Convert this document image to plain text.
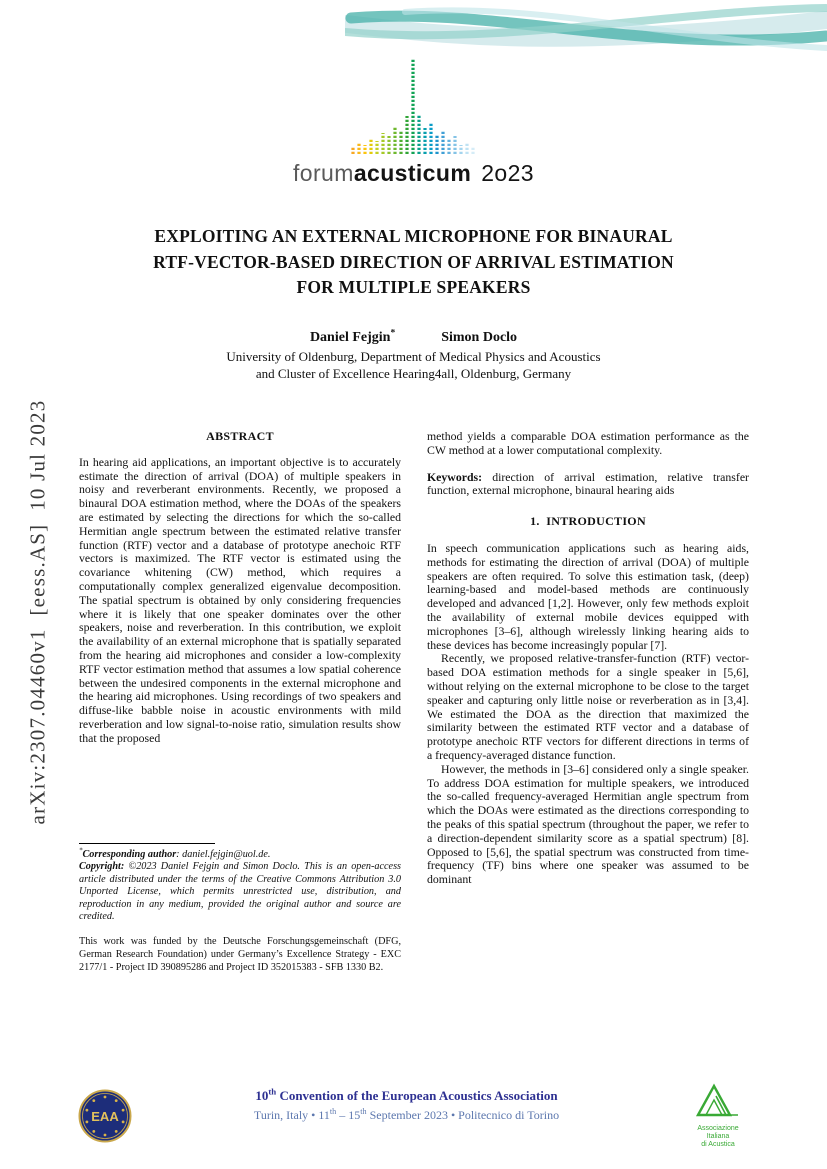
arXiv:2307.04460v1  [eess.AS]  10 Jul 2023
forumacusticum 2o23
EXPLOITING AN EXTERNAL MICROPHONE FOR BINAURAL
RTF-VECTOR-BASED DIRECTION OF ARRIVAL ESTIMATION
FOR MULTIPLE SPEAKERS
Daniel Fejgin*	Simon Doclo
University of Oldenburg, Department of Medical Physics and Acoustics
and Cluster of Excellence Hearing4all, Oldenburg, Germany
ABSTRACT

In hearing aid applications, an important objective is to accurately estimate the direction of arrival (DOA) of multiple speakers in noisy and reverberant environments. Recently, we proposed a binaural DOA estimation method, where the DOAs of the speakers are estimated by selecting the directions for which the so-called Hermitian angle spectrum between the estimated relative transfer function (RTF) vector and a database of prototype anechoic RTF vectors is maximized. The RTF vector is estimated using the covariance whitening (CW) method, which requires a computationally complex generalized eigenvalue decomposition. The spatial spectrum is obtained by only considering frequencies where it is likely that one speaker dominates over the other speakers, noise and reverberation. In this contribution, we exploit the availability of an external microphone that is spatially separated from the hearing aid microphones and consider a low-complexity RTF vector estimation method that assumes a low spatial coherence between the undesired components in the external microphone and the hearing aid microphones. Using recordings of two speakers and diffuse-like babble noise in acoustic environments with mild reverberation and low signal-to-noise ratio, simulation results show that the proposed

*Corresponding author: daniel.fejgin@uol.de.

Copyright: ©2023 Daniel Fejgin and Simon Doclo. This is an open-access article distributed under the terms of the Creative Commons Attribution 3.0 Unported License, which permits unrestricted use, distribution, and reproduction in any medium, provided the original author and source are credited.

This work was funded by the Deutsche Forschungsgemeinschaft (DFG, German Research Foundation) under Germany’s Excellence Strategy - EXC 2177/1 - Project ID 390895286 and Project ID 352015383 - SFB 1330 B2.

method yields a comparable DOA estimation performance as the CW method at a lower computational complexity.

Keywords: direction of arrival estimation, relative transfer function, external microphone, binaural hearing aids

1.  INTRODUCTION

In speech communication applications such as hearing aids, methods for estimating the direction of arrival (DOA) of multiple speakers are often required. To solve this estimation task, (deep) learning-based and model-based methods are continuously developed and advanced [1,2]. However, only few methods exploit the availability of external mobile devices equipped with microphones [3–6], although wirelessly linking hearing aids to these devices has become increasingly popular [7].

Recently, we proposed relative-transfer-function (RTF) vector-based DOA estimation methods for a single speaker in [5,6], without relying on the external microphone to be close to the target speaker and capturing only little noise or reverberation as in [3,4]. We estimated the DOA as the direction that maximized the similarity between the estimated RTF vector and a database of prototype anechoic RTF vectors for different directions in terms of a frequency-averaged distance function.

However, the methods in [3–6] considered only a single speaker. To address DOA estimation for multiple speakers, we introduced the so-called frequency-averaged Hermitian angle spectrum from which the DOAs were estimated as the directions corresponding to the peaks of this spatial spectrum (throughout the paper, we refer to a direction-dependent similarity score as a spatial spectrum) [8]. Opposed to [5,6], the spatial spectrum was constructed from time-frequency (TF) bins where one speaker was assumed to be dominant

EAA
10th Convention of the European Acoustics Association
Turin, Italy • 11th – 15th September 2023 • Politecnico di Torino
Associazione
Italiana
di Acustica
